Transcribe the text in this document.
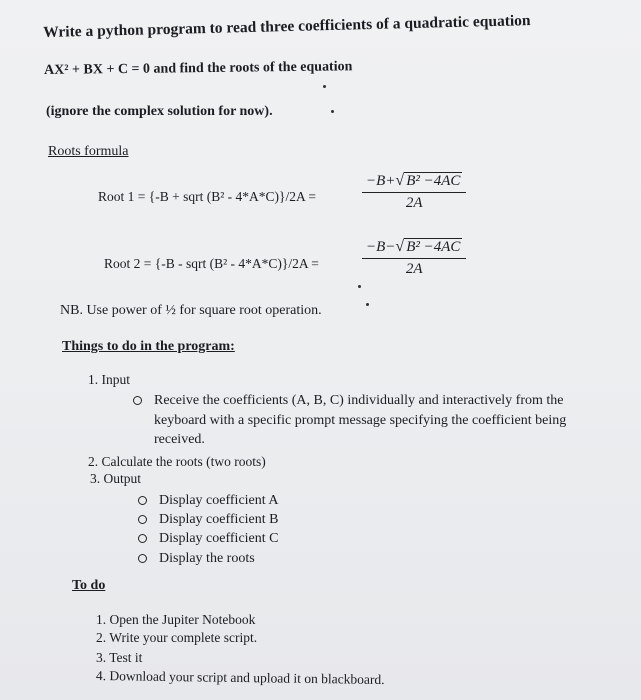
Write a python program to read three coefficients of a quadratic equation
AX² + BX + C = 0 and find the roots of the equation
(ignore the complex solution for now).
Roots formula
Root 1 = {-B + sqrt (B² - 4*A*C)}/2A =	$\frac{\text{−B+ √ B² −4AC}}{2A}$
Root 2 = {-B - sqrt (B² - 4*A*C)}/2A =	$\frac{\text{−B− √ B² −4AC}}{2A}$
NB. Use power of ½ for square root operation.
Things to do in the program:
1. Input
Receive the coefficients (A, B, C) individually and interactively from the
keyboard with a specific prompt message specifying the coefficient being
received.
2. Calculate the roots (two roots)
3. Output
Display coefficient A
Display coefficient B
Display coefficient C
Display the roots
To do
1. Open the Jupiter Notebook
2. Write your complete script.
3. Test it
4. Download your script and upload it on blackboard.
